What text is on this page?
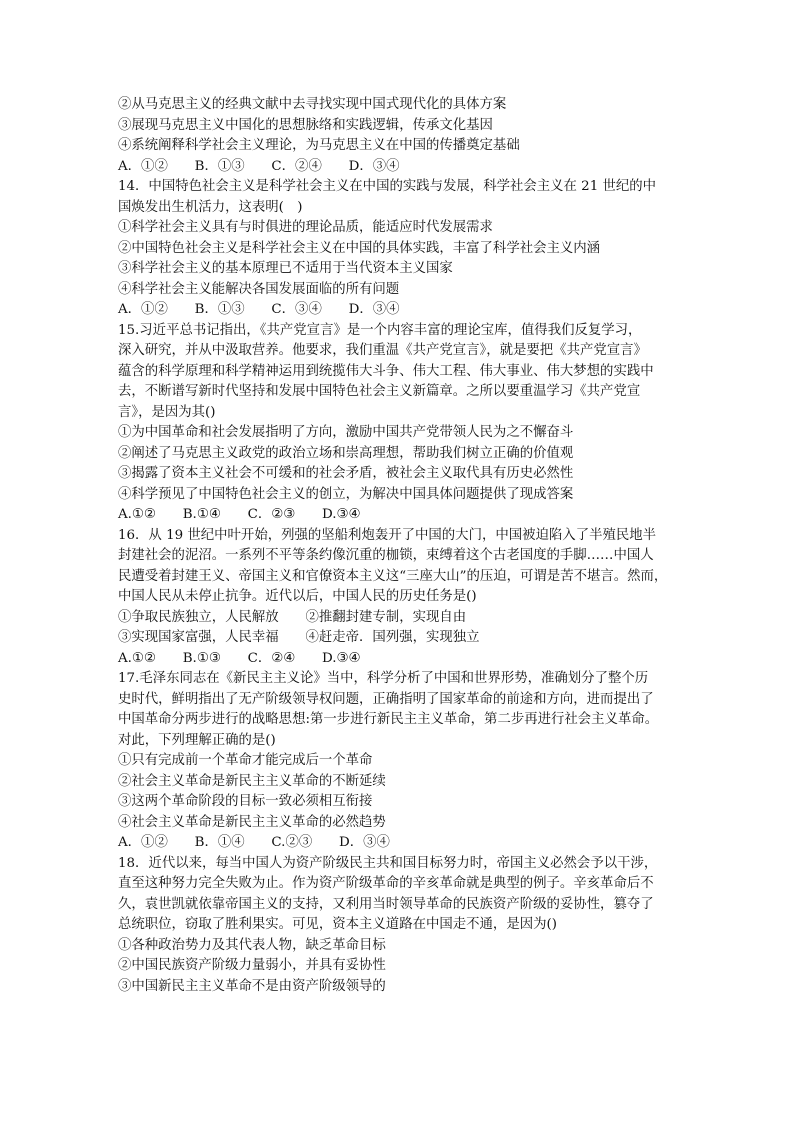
②从马克思主义的经典文献中去寻找实现中国式现代化的具体方案
③展现马克思主义中国化的思想脉络和实践逻辑，传承文化基因
④系统阐释科学社会主义理论，为马克思主义在中国的传播奠定基础
A．①②　　B．①③　　C．②④　　D．③④
14．中国特色社会主义是科学社会主义在中国的实践与发展，科学社会主义在 21 世纪的中
国焕发出生机活力，这表明(　)
①科学社会主义具有与时俱进的理论品质，能适应时代发展需求
②中国特色社会主义是科学社会主义在中国的具体实践，丰富了科学社会主义内涵
③科学社会主义的基本原理已不适用于当代资本主义国家
④科学社会主义能解决各国发展面临的所有问题
A．①②　　B．①③　　C．③④　　D．③④
15.习近平总书记指出，《共产党宣言》是一个内容丰富的理论宝库，值得我们反复学习，
深入研究，并从中汲取营养。他要求，我们重温《共产党宣言》，就是要把《共产党宣言》
蕴含的科学原理和科学精神运用到统揽伟大斗争、伟大工程、伟大事业、伟大梦想的实践中
去，不断谱写新时代坚持和发展中国特色社会主义新篇章。之所以要重温学习《共产党宣
言》，是因为其()
①为中国革命和社会发展指明了方向，激励中国共产党带领人民为之不懈奋斗
②阐述了马克思主义政党的政治立场和崇高理想，帮助我们树立正确的价值观
③揭露了资本主义社会不可缓和的社会矛盾，被社会主义取代具有历史必然性
④科学预见了中国特色社会主义的创立，为解决中国具体问题提供了现成答案
A.①②　　B.①④　　C．②③　　D.③④
16．从 19 世纪中叶开始，列强的坚船利炮轰开了中国的大门，中国被迫陷入了半殖民地半
封建社会的泥沼。一系列不平等条约像沉重的枷锁，束缚着这个古老国度的手脚……中国人
民遭受着封建王义、帝国主义和官僚资本主义这“三座大山”的压迫，可谓是苦不堪言。然而，
中国人民从未停止抗争。近代以后，中国人民的历史任务是()
①争取民族独立，人民解放　　②推翻封建专制，实现自由
③实现国家富强，人民幸福　　④赶走帝．国列强，实现独立
A.①②　　B.①③　　C．②④　　D.③④
17.毛泽东同志在《新民主主义论》当中，科学分析了中国和世界形势，准确划分了整个历
史时代，鲜明指出了无产阶级领导权问题，正确指明了国家革命的前途和方向，进而提出了
中国革命分两步进行的战略思想:第一步进行新民主主义革命，第二步再进行社会主义革命。
对此，下列理解正确的是()
①只有完成前一个革命才能完成后一个革命
②社会主义革命是新民主主义革命的不断延续
③这两个革命阶段的目标一致必须相互衔接
④社会主义革命是新民主主义革命的必然趋势
A．①②　　B．①④　　C.②③　　D．③④
18．近代以来，每当中国人为资产阶级民主共和国目标努力时，帝国主义必然会予以干涉，
直至这种努力完全失败为止。作为资产阶级革命的辛亥革命就是典型的例子。辛亥革命后不
久，袁世凯就依靠帝国主义的支持，又利用当时领导革命的民族资产阶级的妥协性，篡夺了
总统职位，窃取了胜利果实。可见，资本主义道路在中国走不通，是因为()
①各种政治势力及其代表人物，缺乏革命目标
②中国民族资产阶级力量弱小，并具有妥协性
③中国新民主主义革命不是由资产阶级领导的
